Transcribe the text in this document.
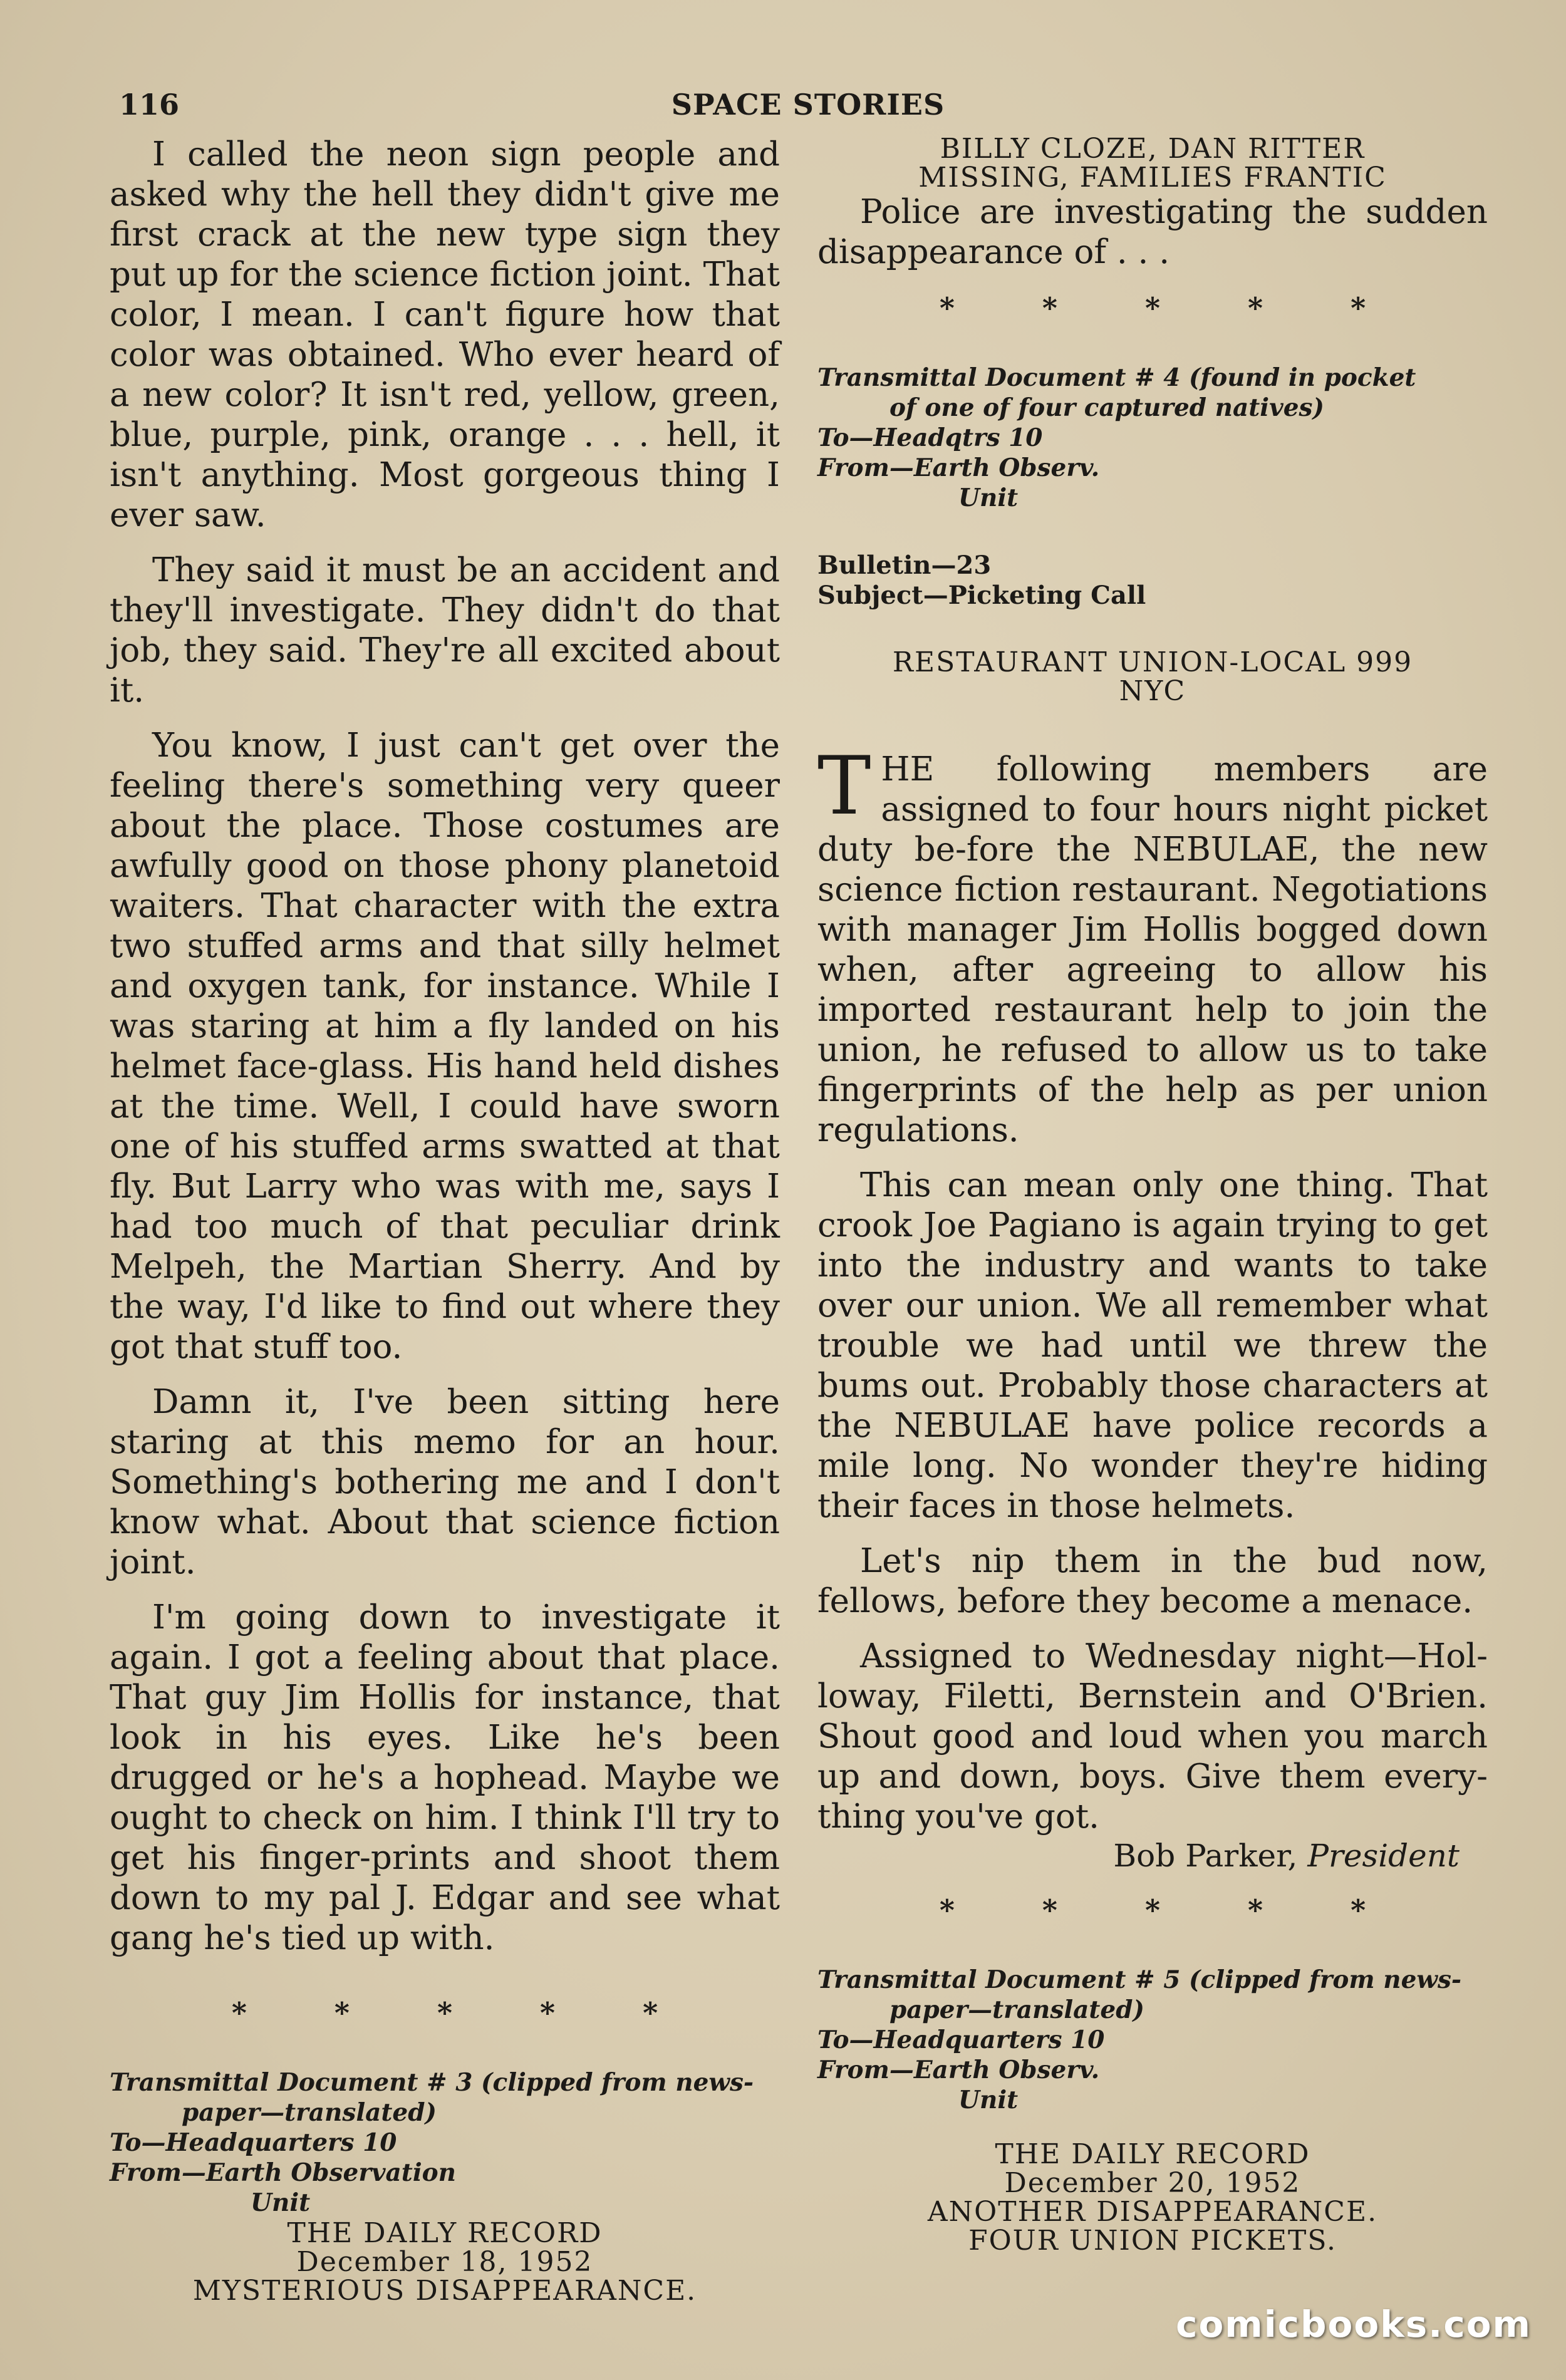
116	SPACE STORIES

I called the neon sign people and asked why the hell they didn't give me first crack at the new type sign they put up for the science fiction joint. That color, I mean. I can't figure how that color was obtained. Who ever heard of a new color? It isn't red, yellow, green, blue, purple, pink, orange . . . hell, it isn't anything. Most gorgeous thing I ever saw.

They said it must be an accident and they'll investigate. They didn't do that job, they said. They're all excited about it.

You know, I just can't get over the feeling there's something very queer about the place. Those costumes are awfully good on those phony planetoid waiters. That character with the extra two stuffed arms and that silly helmet and oxygen tank, for instance. While I was staring at him a fly landed on his helmet face-glass. His hand held dishes at the time. Well, I could have sworn one of his stuffed arms swatted at that fly. But Larry who was with me, says I had too much of that peculiar drink Melpeh, the Martian Sherry. And by the way, I'd like to find out where they got that stuff too.

Damn it, I've been sitting here staring at this memo for an hour. Something's bothering me and I don't know what. About that science fiction joint.

I'm going down to investigate it again. I got a feeling about that place. That guy Jim Hollis for instance, that look in his eyes. Like he's been drugged or he's a hophead. Maybe we ought to check on him. I think I'll try to get his finger-prints and shoot them down to my pal J. Edgar and see what gang he's tied up with.

* * * * *
Transmittal Document # 3 (clipped from news-
paper—translated)
To—Headquarters 10
From—Earth Observation
Unit

THE DAILY RECORD

December 18, 1952

MYSTERIOUS DISAPPEARANCE.

BILLY CLOZE, DAN RITTER

MISSING, FAMILIES FRANTIC

Police are investigating the sudden disappearance of . . .

* * * * *
Transmittal Document # 4 (found in pocket
of one of four captured natives)
To—Headqtrs 10
From—Earth Observ.
Unit
Bulletin—23
Subject—Picketing Call

RESTAURANT UNION-LOCAL 999

NYC

THE following members are assigned to four hours night picket duty be-fore the NEBULAE, the new science fiction restaurant. Negotiations with manager Jim Hollis bogged down when, after agreeing to allow his imported restaurant help to join the union, he refused to allow us to take fingerprints of the help as per union regulations.

This can mean only one thing. That crook Joe Pagiano is again trying to get into the industry and wants to take over our union. We all remember what trouble we had until we threw the bums out. Probably those characters at the NEBULAE have police records a mile long. No wonder they're hiding their faces in those helmets.

Let's nip them in the bud now, fellows, before they become a menace.

Assigned to Wednesday night—Hol-loway, Filetti, Bernstein and O'Brien. Shout good and loud when you march up and down, boys. Give them every-thing you've got.

Bob Parker, President

* * * * *
Transmittal Document # 5 (clipped from news-
paper—translated)
To—Headquarters 10
From—Earth Observ.
Unit

THE DAILY RECORD

December 20, 1952

ANOTHER DISAPPEARANCE.

FOUR UNION PICKETS.

comicbooks.com
